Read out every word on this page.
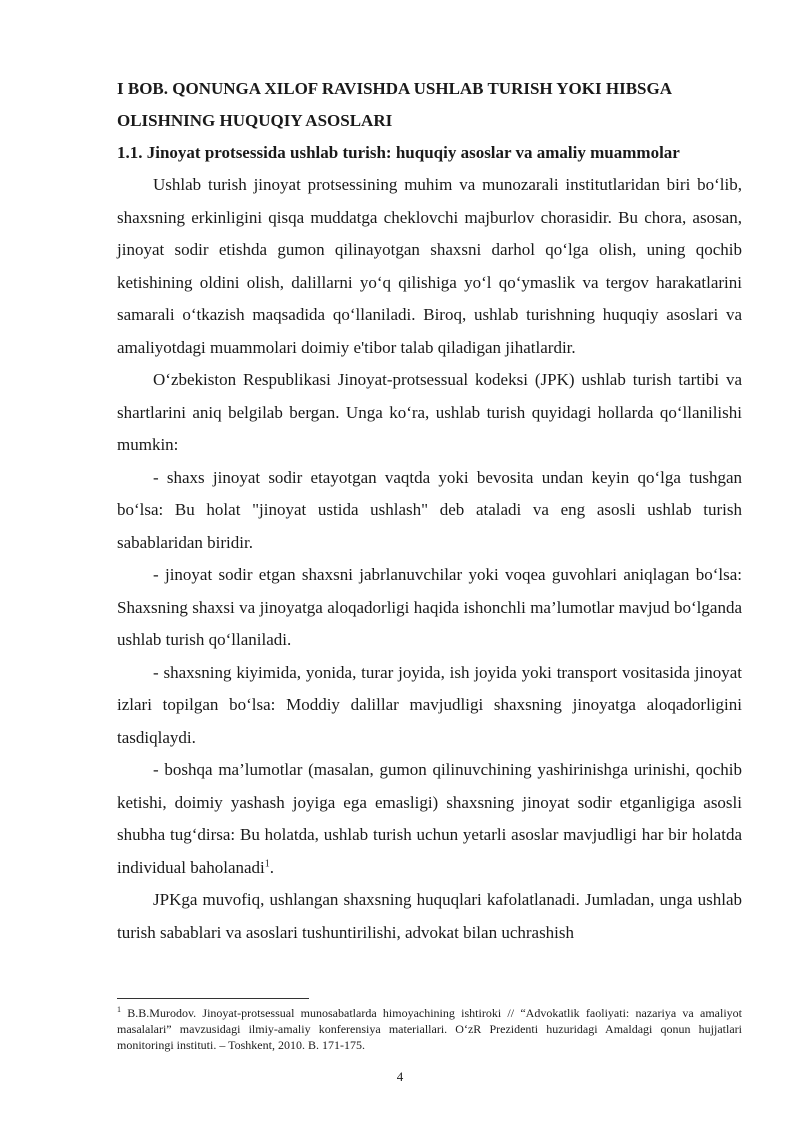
I BOB. QONUNGA XILOF RAVISHDA USHLAB TURISH YOKI HIBSGA OLISHNING HUQUQIY ASOSLARI
1.1. Jinoyat protsessida ushlab turish: huquqiy asoslar va amaliy muammolar

Ushlab turish jinoyat protsessining muhim va munozarali institutlaridan biri bo‘lib, shaxsning erkinligini qisqa muddatga cheklovchi majburlov chorasidir. Bu chora, asosan, jinoyat sodir etishda gumon qilinayotgan shaxsni darhol qo‘lga olish, uning qochib ketishining oldini olish, dalillarni yo‘q qilishiga yo‘l qo‘ymaslik va tergov harakatlarini samarali o‘tkazish maqsadida qo‘llaniladi. Biroq, ushlab turishning huquqiy asoslari va amaliyotdagi muammolari doimiy e'tibor talab qiladigan jihatlardir.

O‘zbekiston Respublikasi Jinoyat-protsessual kodeksi (JPK) ushlab turish tartibi va shartlarini aniq belgilab bergan. Unga ko‘ra, ushlab turish quyidagi hollarda qo‘llanilishi mumkin:

- shaxs jinoyat sodir etayotgan vaqtda yoki bevosita undan keyin qo‘lga tushgan bo‘lsa: Bu holat "jinoyat ustida ushlash" deb ataladi va eng asosli ushlab turish sabablaridan biridir.

- jinoyat sodir etgan shaxsni jabrlanuvchilar yoki voqea guvohlari aniqlagan bo‘lsa: Shaxsning shaxsi va jinoyatga aloqadorligi haqida ishonchli ma’lumotlar mavjud bo‘lganda ushlab turish qo‘llaniladi.

- shaxsning kiyimida, yonida, turar joyida, ish joyida yoki transport vositasida jinoyat izlari topilgan bo‘lsa: Moddiy dalillar mavjudligi shaxsning jinoyatga aloqadorligini tasdiqlaydi.

- boshqa ma’lumotlar (masalan, gumon qilinuvchining yashirinishga urinishi, qochib ketishi, doimiy yashash joyiga ega emasligi) shaxsning jinoyat sodir etganligiga asosli shubha tug‘dirsa: Bu holatda, ushlab turish uchun yetarli asoslar mavjudligi har bir holatda individual baholanadi$^1$.

JPKga muvofiq, ushlangan shaxsning huquqlari kafolatlanadi. Jumladan, unga ushlab turish sabablari va asoslari tushuntirilishi, advokat bilan uchrashish

$^1$ B.B.Murodov. Jinoyat-protsessual munosabatlarda himoyachining ishtiroki // “Advokatlik faoliyati: nazariya va amaliyot masalalari” mavzusidagi ilmiy-amaliy konferensiya materiallari. O‘zR Prezidenti huzuridagi Amaldagi qonun hujjatlari monitoringi instituti. – Toshkent, 2010. B. 171-175.

4
